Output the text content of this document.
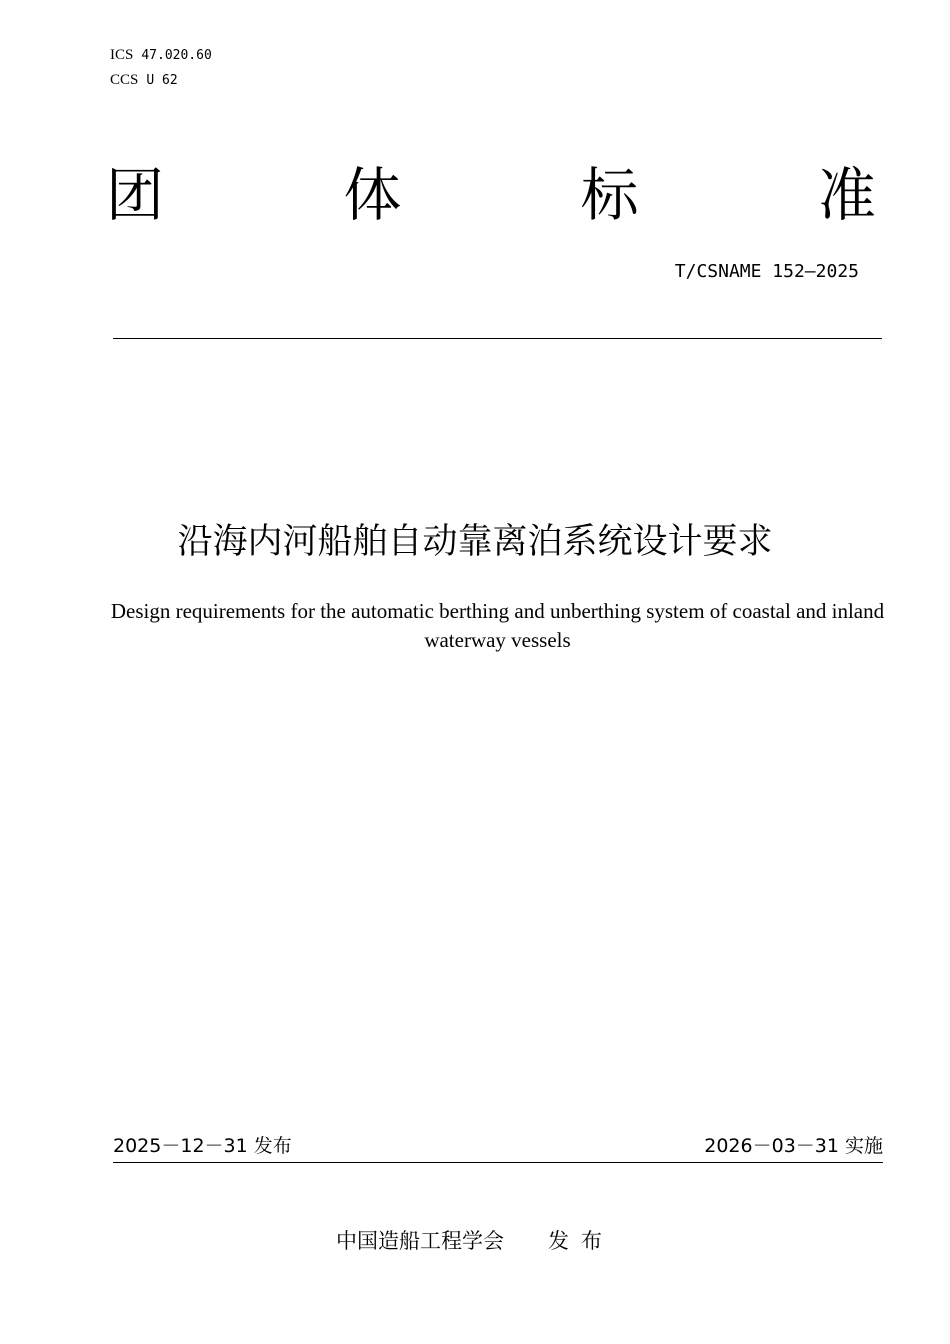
ICS 47.020.60
CCS U 62
团	体	标	准
T/CSNAME 152—2025
沿海内河船舶自动靠离泊系统设计要求
Design requirements for the automatic berthing and unberthing system of coastal and inland waterway vessels
2025－12－31 发布	2026－03－31 实施
中国造船工程学会 发布
